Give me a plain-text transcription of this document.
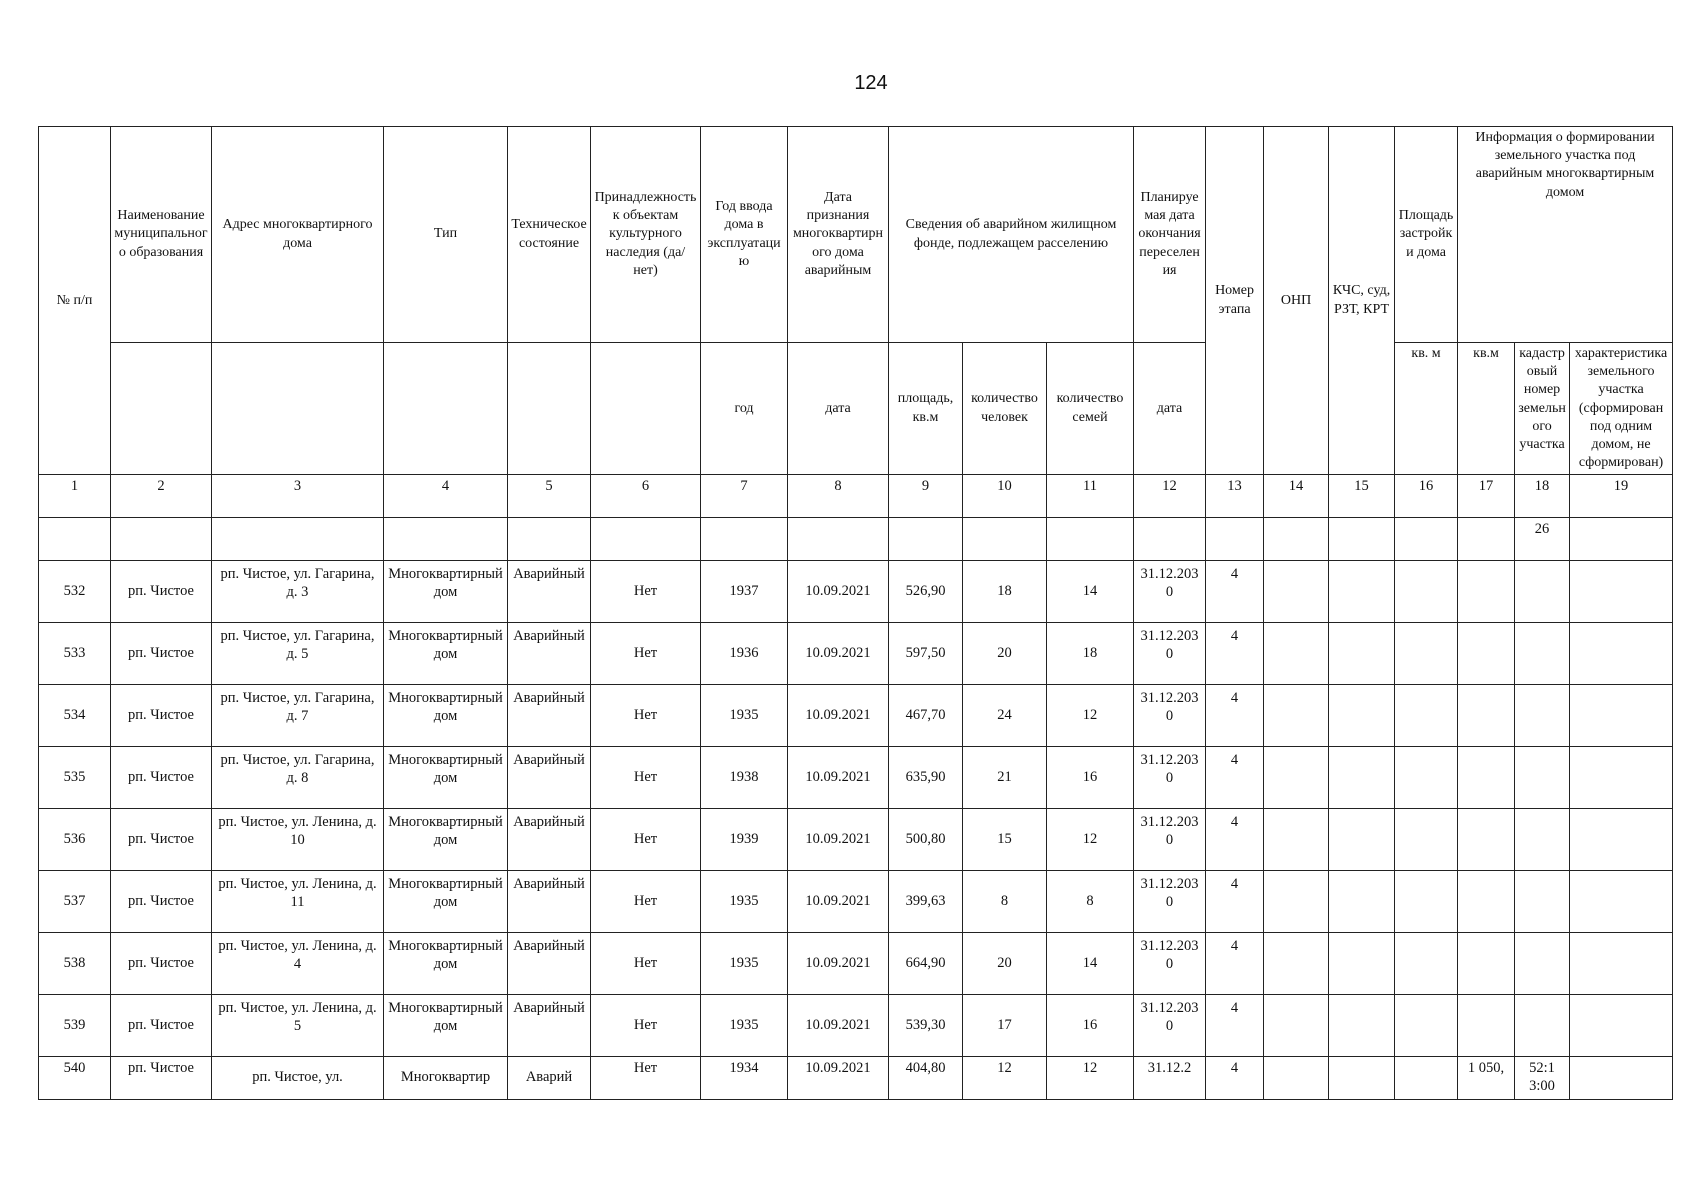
124
№ п/п	Наименование муниципального образования	Адрес многоквартирного дома	Тип	Техническое состояние	Принадлежность к объектам культурного наследия (да/нет)	Год ввода дома в эксплуатацию	Дата признания многоквартирного дома аварийным	Сведения об аварийном жилищном фонде, подлежащем расселению			Планируемая дата окончания переселения	Номер этапа	ОНП	КЧС, суд, РЗТ, КРТ	Площадь застройки дома	Информация о формировании земельного участка под аварийным многоквартирным домом		

						год	дата	площадь, кв.м	количество человек	количество семей	дата				кв. м	кв.м	кадастровый номер земельного участка	характеристика земельного участка (сформирован под одним домом, не сформирован)
1	2	3	4	5	6	7	8	9	10	11	12	13	14	15	16	17	18	19
																	26	
532	рп. Чистое	рп. Чистое, ул. Гагарина, д. 3	Многоквартирный дом	Аварийный	Нет	1937	10.09.2021	526,90	18	14	31.12.2030	4						
533	рп. Чистое	рп. Чистое, ул. Гагарина, д. 5	Многоквартирный дом	Аварийный	Нет	1936	10.09.2021	597,50	20	18	31.12.2030	4						
534	рп. Чистое	рп. Чистое, ул. Гагарина, д. 7	Многоквартирный дом	Аварийный	Нет	1935	10.09.2021	467,70	24	12	31.12.2030	4						
535	рп. Чистое	рп. Чистое, ул. Гагарина, д. 8	Многоквартирный дом	Аварийный	Нет	1938	10.09.2021	635,90	21	16	31.12.2030	4						
536	рп. Чистое	рп. Чистое, ул. Ленина, д. 10	Многоквартирный дом	Аварийный	Нет	1939	10.09.2021	500,80	15	12	31.12.2030	4						
537	рп. Чистое	рп. Чистое, ул. Ленина, д. 11	Многоквартирный дом	Аварийный	Нет	1935	10.09.2021	399,63	8	8	31.12.2030	4						
538	рп. Чистое	рп. Чистое, ул. Ленина, д. 4	Многоквартирный дом	Аварийный	Нет	1935	10.09.2021	664,90	20	14	31.12.2030	4						
539	рп. Чистое	рп. Чистое, ул. Ленина, д. 5	Многоквартирный дом	Аварийный	Нет	1935	10.09.2021	539,30	17	16	31.12.2030	4						
540	рп. Чистое	рп. Чистое, ул.	Многоквартир	Аварий	Нет	1934	10.09.2021	404,80	12	12	31.12.2	4				1 050,	52:1 3:00	
